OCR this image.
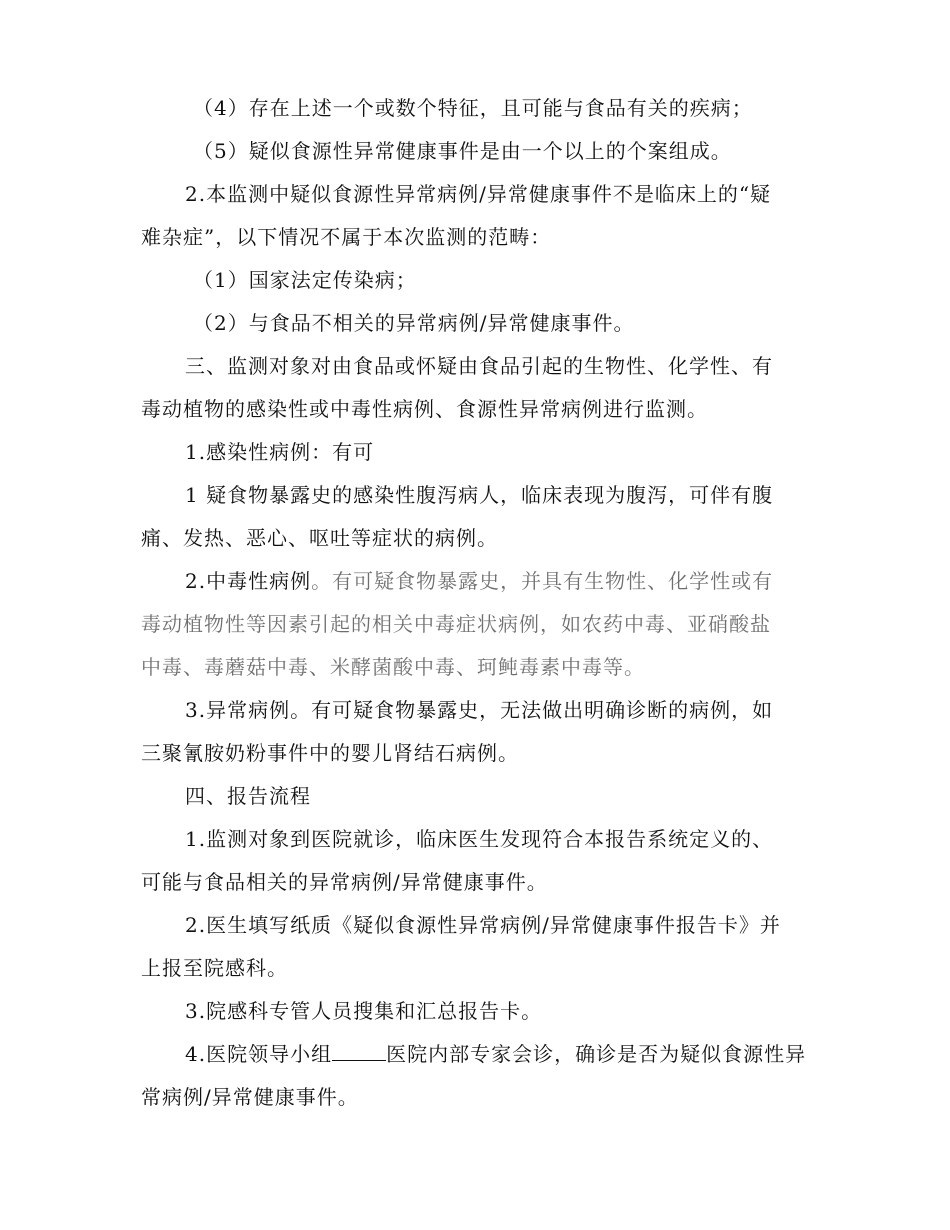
（4）存在上述一个或数个特征，且可能与食品有关的疾病；
（5）疑似食源性异常健康事件是由一个以上的个案组成。
2.本监测中疑似食源性异常病例/异常健康事件不是临床上的“疑
难杂症”，以下情况不属于本次监测的范畴：
（1）国家法定传染病；
（2）与食品不相关的异常病例/异常健康事件。
三、监测对象对由食品或怀疑由食品引起的生物性、化学性、有
毒动植物的感染性或中毒性病例、食源性异常病例进行监测。
1.感染性病例：有可
1 疑食物暴露史的感染性腹泻病人，临床表现为腹泻，可伴有腹
痛、发热、恶心、呕吐等症状的病例。
2.中毒性病例。有可疑食物暴露史，并具有生物性、化学性或有
毒动植物性等因素引起的相关中毒症状病例，如农药中毒、亚硝酸盐
中毒、毒蘑菇中毒、米酵菌酸中毒、珂鲀毒素中毒等。
3.异常病例。有可疑食物暴露史，无法做出明确诊断的病例，如
三聚氰胺奶粉事件中的婴儿肾结石病例。
四、报告流程
1.监测对象到医院就诊，临床医生发现符合本报告系统定义的、
可能与食品相关的异常病例/异常健康事件。
2.医生填写纸质《疑似食源性异常病例/异常健康事件报告卡》并
上报至院感科。
3.院感科专管人员搜集和汇总报告卡。
4.医院领导小组	医院内部专家会诊，确诊是否为疑似食源性异
常病例/异常健康事件。
